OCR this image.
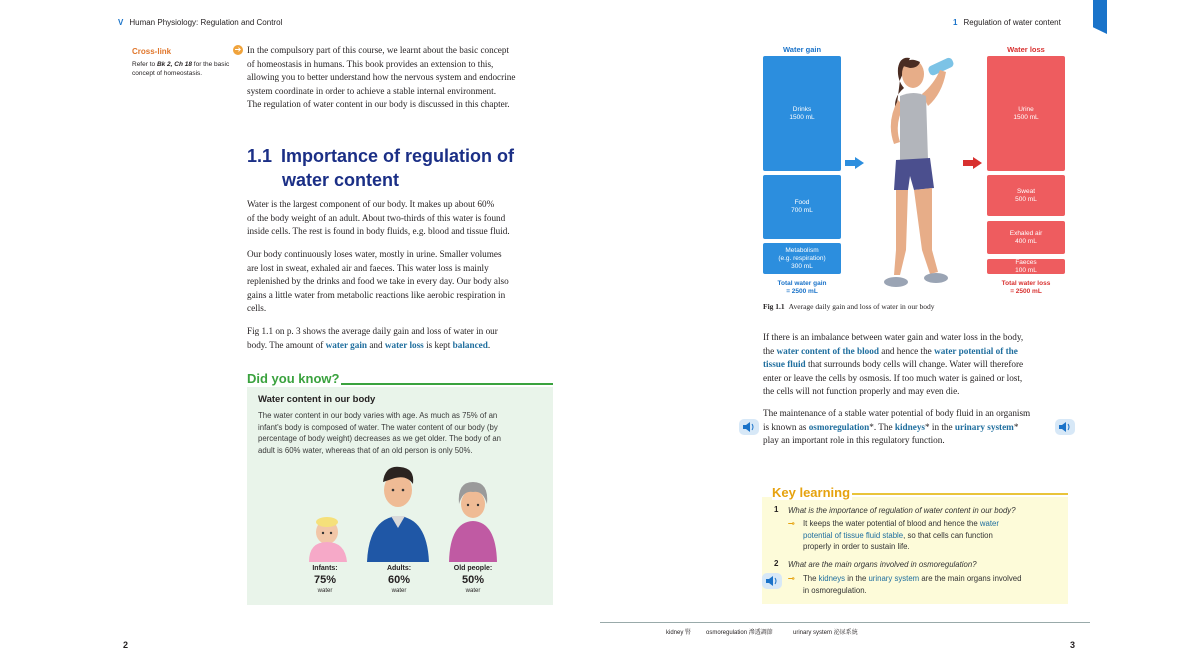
V Human Physiology: Regulation and Control	1 Regulation of water content
Cross-link
Refer to Bk 2, Ch 18 for the basic concept of homeostasis.
➔ In the compulsory part of this course, we learnt about the basic concept
of homeostasis in humans. This book provides an extension to this,
allowing you to better understand how the nervous system and endocrine
system coordinate in order to achieve a stable internal environment.
The regulation of water content in our body is discussed in this chapter.
1.1 Importance of regulation of
water content
Water is the largest component of our body. It makes up about 60%
of the body weight of an adult. About two-thirds of this water is found
inside cells. The rest is found in body fluids, e.g. blood and tissue fluid.
Our body continuously loses water, mostly in urine. Smaller volumes
are lost in sweat, exhaled air and faeces. This water loss is mainly
replenished by the drinks and food we take in every day. Our body also
gains a little water from metabolic reactions like aerobic respiration in
cells.
Fig 1.1 on p. 3 shows the average daily gain and loss of water in our
body. The amount of water gain and water loss is kept balanced.
Did you know?
Water content in our body
The water content in our body varies with age. As much as 75% of an
infant's body is composed of water. The water content of our body (by
percentage of body weight) decreases as we get older. The body of an
adult is 60% water, whereas that of an old person is only 50%.
Infants:
75%
water
Adults:
60%
water
Old people:
50%
water
Water gain	Water loss
Drinks
1500 mL
Food
700 mL
Metabolism
(e.g. respiration)
300 mL
Total water gain
= 2500 mL
Urine
1500 mL
Sweat
500 mL
Exhaled air
400 mL
Faeces
100 mL
Total water loss
= 2500 mL
Fig 1.1 Average daily gain and loss of water in our body
If there is an imbalance between water gain and water loss in the body,
the water content of the blood and hence the water potential of the
tissue fluid that surrounds body cells will change. Water will therefore
enter or leave the cells by osmosis. If too much water is gained or lost,
the cells will not function properly and may even die.
The maintenance of a stable water potential of body fluid in an organism
is known as osmoregulation*. The kidneys* in the urinary system*
play an important role in this regulatory function.
Key learning
1 What is the importance of regulation of water content in our body?
⊸	It keeps the water potential of blood and hence the water
potential of tissue fluid stable, so that cells can function
properly in order to sustain life.
2 What are the main organs involved in osmoregulation?
⊸	The kidneys in the urinary system are the main organs involved
in osmoregulation.
kidney 腎 osmoregulation 滲透調節	urinary system 泌尿系統
2	3
